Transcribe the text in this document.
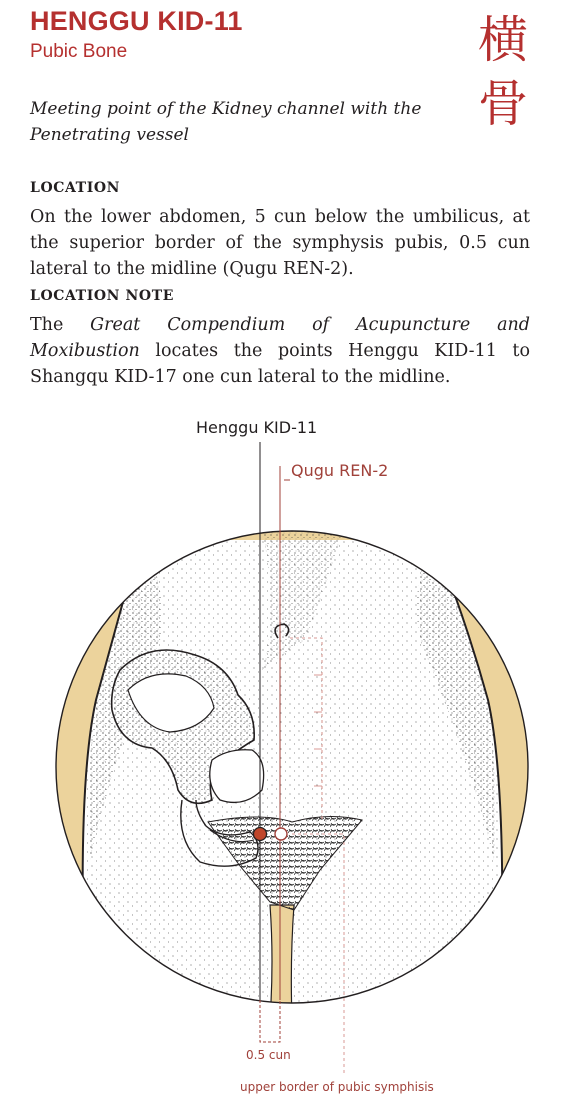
HENGGU KID-11
Pubic Bone	横骨
Meeting point of the Kidney channel with the Penetrating vessel
LOCATION
On the lower abdomen, 5 cun below the umbilicus, at the superior border of the symphysis pubis, 0.5 cun lateral to the midline (Qugu REN-2).
LOCATION NOTE
The Great Compendium of Acupuncture and Moxibustion locates the points Henggu KID-11 to Shangqu KID-17 one cun lateral to the midline.
Henggu KID-11
Qugu REN-2
0.5 cun
upper border of pubic symphisis
